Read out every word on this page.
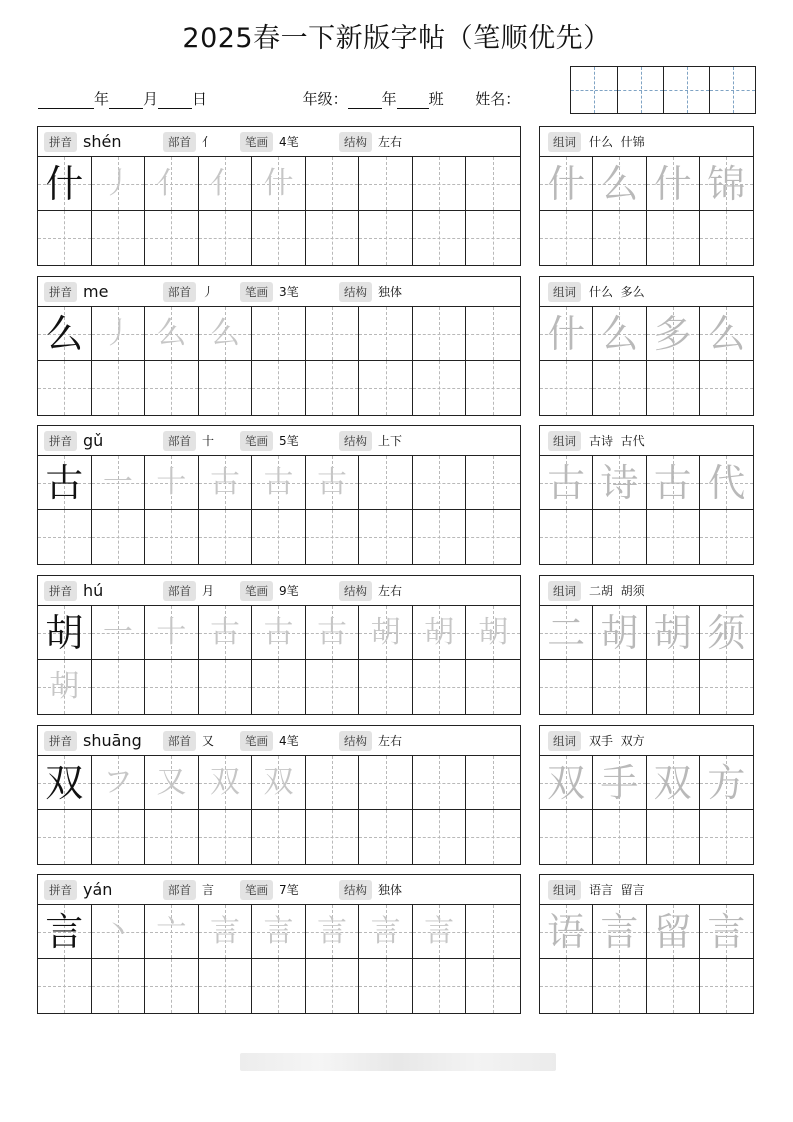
2025春一下新版字帖（笔顺优先）
年 月 日	年级： 年 班 姓名：
拼音 shén	部首 亻	笔画 4笔	结构 左右
什 丿 亻 亻 什
组词	什么  什锦
什 么 什 锦
拼音 me	部首 丿	笔画 3笔	结构 独体
么 丿 么 么
组词	什么  多么
什 么 多 么
拼音 gǔ	部首 十	笔画 5笔	结构 上下
古 一 十 古 古 古
组词	古诗  古代
古 诗 古 代
拼音 hú	部首 月	笔画 9笔	结构 左右
胡 一 十 古 古 古 胡 胡 胡
胡
组词	二胡  胡须
二 胡 胡 须
拼音 shuāng	部首 又	笔画 4笔	结构 左右
双 フ 又 双 双
组词	双手  双方
双 手 双 方
拼音 yán	部首 言	笔画 7笔	结构 独体
言 丶 亠 言 言 言 言 言
组词	语言  留言
语 言 留 言
